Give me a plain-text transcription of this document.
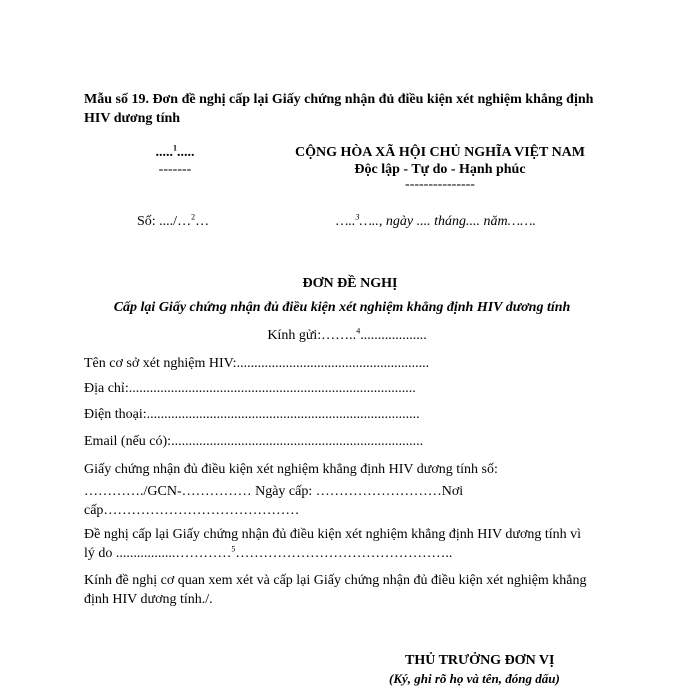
Mẫu số 19. Đơn đề nghị cấp lại Giấy chứng nhận đủ điều kiện xét nghiệm khẳng định HIV dương tính
.....$^1$.....
-------
CỘNG HÒA XÃ HỘI CHỦ NGHĨA VIỆT NAM
Độc lập - Tự do - Hạnh phúc
---------------
Số: ..../…$^2$…	…..$^3$….., ngày .... tháng.... năm…….
ĐƠN ĐỀ NGHỊ
Cấp lại Giấy chứng nhận đủ điều kiện xét nghiệm khẳng định HIV dương tính
Kính gửi:……..$^4$...................
Tên cơ sở xét nghiệm HIV:.......................................................
Địa chỉ:..................................................................................
Điện thoại:..............................................................................
Email (nếu có):........................................................................
Giấy chứng nhận đủ điều kiện xét nghiệm khẳng định HIV dương tính số:
…………./GCN-…………… Ngày cấp: ………………………Nơi
cấp……………………………………
Đề nghị cấp lại Giấy chứng nhận đủ điều kiện xét nghiệm khẳng định HIV dương tính vì
lý do .................…………$^5$………………………………………..
Kính đề nghị cơ quan xem xét và cấp lại Giấy chứng nhận đủ điều kiện xét nghiệm khẳng
định HIV dương tính./.
THỦ TRƯỞNG ĐƠN VỊ
(Ký, ghi rõ họ và tên, đóng dấu)
